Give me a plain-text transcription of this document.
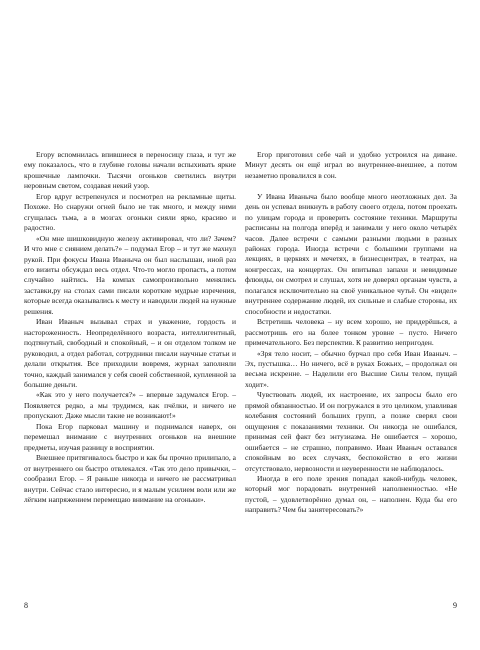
Егору вспомнилась впившиеся в переносицу глаза, и тут же ему показалось, что в глубине головы начали вспыхивать яркие крошечные лампочки. Тысячи огоньков светились внутри неровным светом, создавая некий узор.

Егор вдруг встрепенулся и посмотрел на рекламные щиты. Похоже. Но снаружи огней было не так много, и между ними сгущалась тьма, а в мозгах огоньки сияли ярко, красиво и радостно.

«Он мне шишковидную железу активировал, что ли? Зачем? И что мне с сиянием делать?» – подумал Егор – и тут же махнул рукой. При фокусы Ивана Иваныча он был наслышан, иной раз его визиты обсуждал весь отдел. Что-то могло пропасть, а потом случайно найтись. На компах самопроизвольно менялись заставки,ру на столах сами писали короткие мудрые изречения, которые всегда оказывались к месту и наводили людей на нужные решения.

Иван Иваныч вызывал страх и уважение, гордость и настороженность. Неопределённого возраста, интеллигентный, подтянутый, свободный и спокойный, – и он отделом толком не руководил, а отдел работал, сотрудники писали научные статьи и делали открытия. Все приходили вовремя, журнал заполняли точно, каждый занимался у себя своей собственной, купленной за большие деньги.

«Как это у него получается?» – впервые задумался Егор. – Появляется редко, а мы трудимся, как пчёлки, и ничего не пропускают. Даже мысли такие не возникают!»

Пока Егор парковал машину и поднимался наверх, он перемешал внимание с внутренних огоньков на внешние предметы, изучая разницу в восприятии.

Внешнее притягивалось быстро и как бы прочно прилипало, а от внутреннего он быстро отвлекался. «Так это дело привычки, – сообразил Егор. – Я раньше никогда и ничего не рассматривал внутри. Сейчас стало интересно, и я малым усилием воли или же лёгким напряжением перемещаю внимание на огоньки».

8

Егор приготовил себе чай и удобно устроился на диване. Минут десять он ещё играл во внутреннее-внешнее, а потом незаметно провалился в сон.

У Ивана Иваныча было вообще много неотложных дел. За день он успевал вникнуть в работу своего отдела, потом проехать по улицам города и проверить состояние техники. Маршруты расписаны на полгода вперёд и занимали у него около четырёх часов. Далее встречи с самыми разными людьми в разных районах города. Иногда встречи с большими группами на лекциях, в церквях и мечетях, в бизнесцентрах, в театрах, на конгрессах, на концертах. Он впитывал запахи и невидимые флюиды, он смотрел и слушал, хотя не доверял органам чувств, а полагался исключительно на своё уникальное чутьё. Он «видел» внутреннее содержание людей, их сильные и слабые стороны, их способности и недостатки.

Встретишь человека – ну всем хорошо, не придерёшься, а рассмотришь его на более тонком уровне – пусто. Ничего примечательного. Без перспектив. К развитию непригоден.

«Зря тело носит, – обычно бурчал про себя Иван Иваныч. – Эх, пустышка… Но ничего, всё в руках Божьих, – продолжал он весьма искренне. – Наделили его Высшие Силы телом, пущай ходит».

Чувствовать людей, их настроение, их запросы было его прямой обязанностью. И он погружался в это целиком, улавливая колебания состояний больших групп, а позже сверял свои ощущения с показаниями техники. Он никогда не ошибался, принимая сей факт без энтузиазма. Не ошибается – хорошо, ошибается – не страшно, поправимо. Иван Иваныч оставался спокойным во всех случаях, беспокойство в его жизни отсутствовало, нервозности и неуверенности не наблюдалось.

Иногда в его поле зрения попадал какой-нибудь человек, который мог порадовать внутренней наполненностью. «Не пустой, – удовлетворённо думал он, – наполнен. Куда бы его направить? Чем бы занятересовать?»

9
